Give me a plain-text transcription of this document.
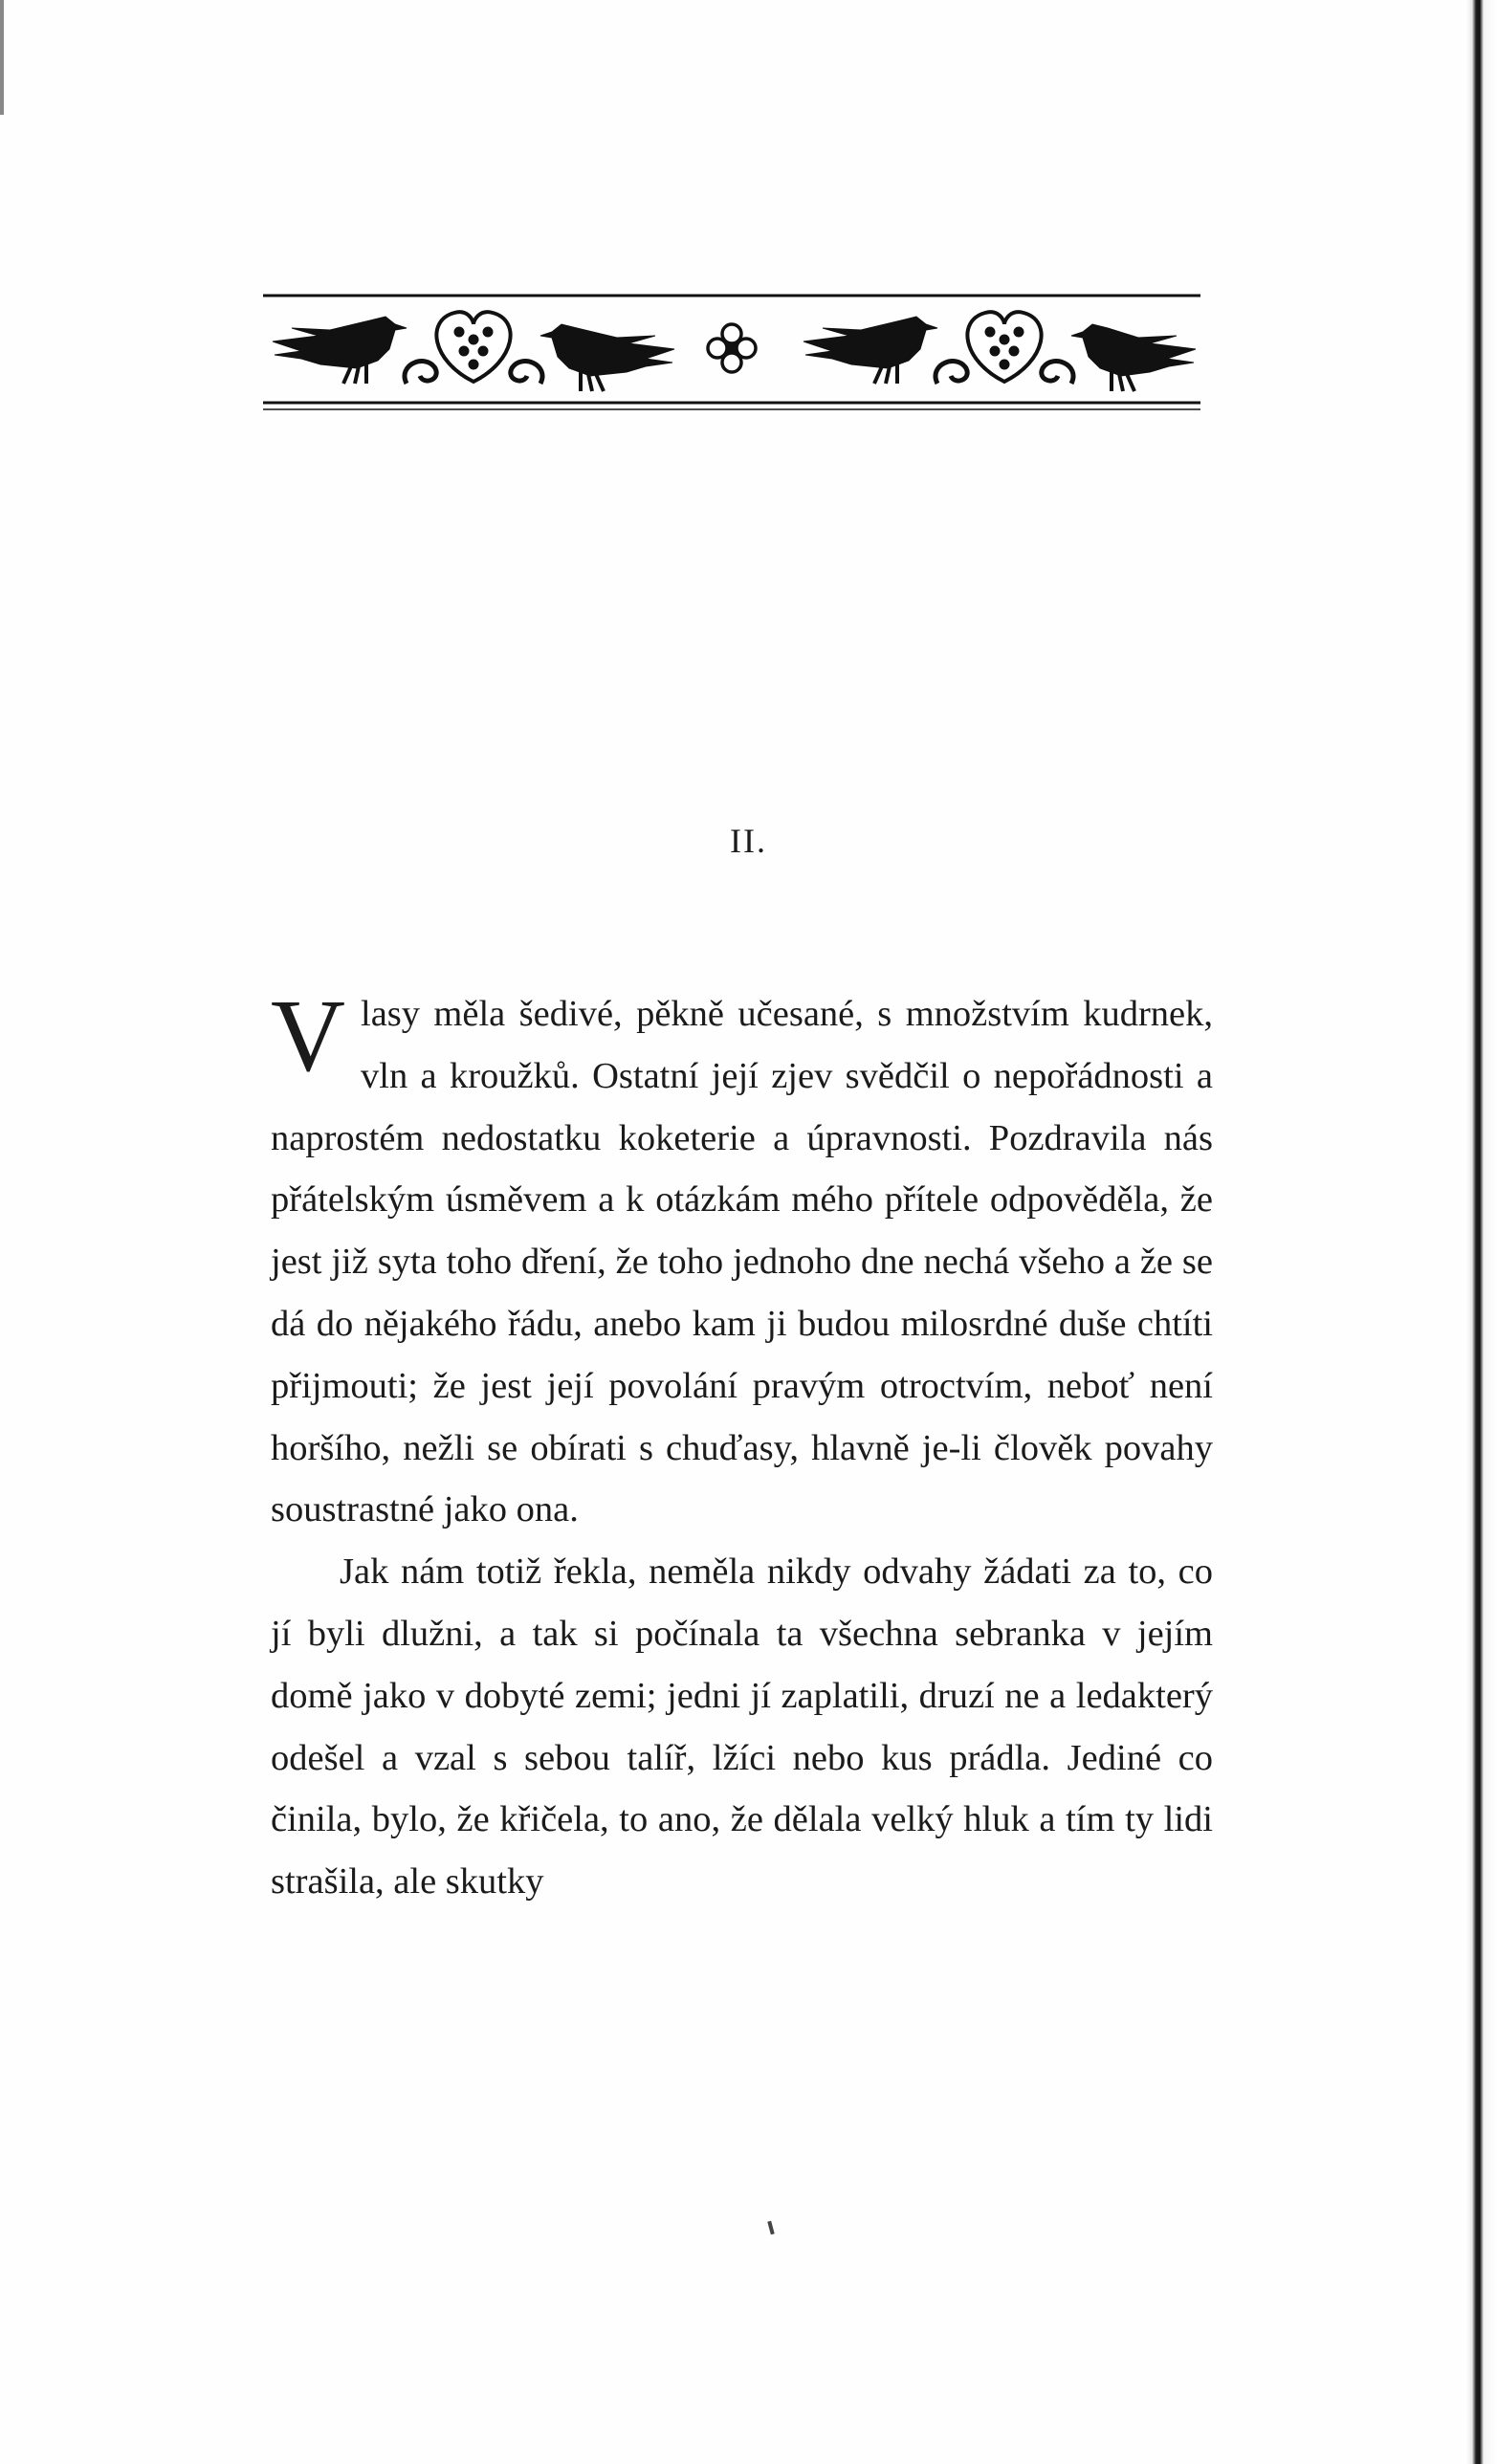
II.

Vlasy měla šedivé, pěkně učesané, s množstvím kudrnek, vln a kroužků. Ostatní její zjev svědčil o nepořádnosti a naprostém nedostatku koketerie a úpravnosti. Pozdravila nás přátelským úsměvem a k otázkám mého přítele odpověděla, že jest již syta toho dření, že toho jednoho dne nechá všeho a že se dá do nějakého řádu, anebo kam ji budou milosrdné duše chtíti přijmouti; že jest její povolání pravým otroctvím, neboť není horšího, nežli se obírati s chuďasy, hlavně je-li člověk povahy soustrastné jako ona.

Jak nám totiž řekla, neměla nikdy odvahy žádati za to, co jí byli dlužni, a tak si počínala ta všechna sebranka v jejím domě jako v dobyté zemi; jedni jí zaplatili, druzí ne a ledakterý odešel a vzal s sebou talíř, lžíci nebo kus prádla. Jediné co činila, bylo, že křičela, to ano, že dělala velký hluk a tím ty lidi strašila, ale skutky
